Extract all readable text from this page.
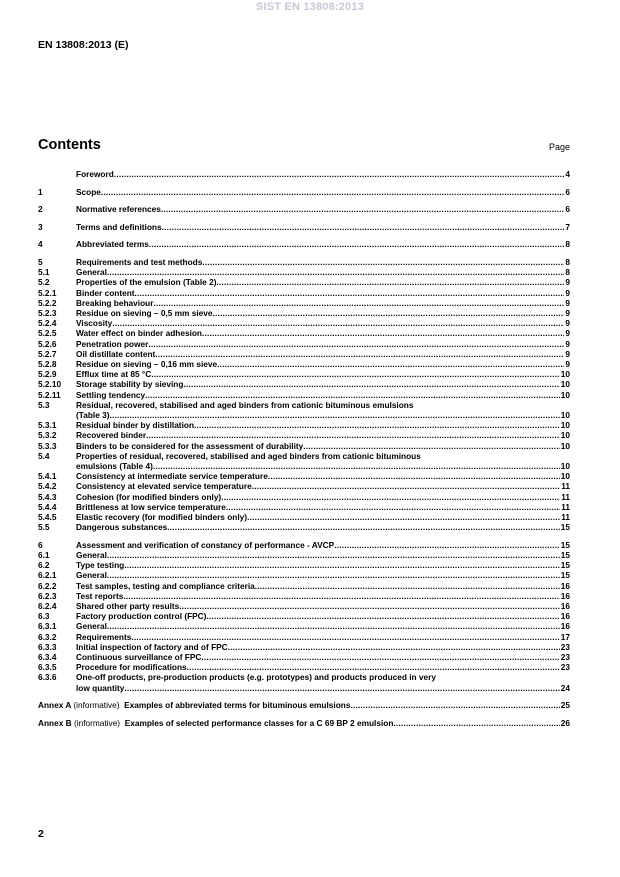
SIST EN 13808:2013
EN 13808:2013 (E)
Contents	Page
Foreword .....	4
1	Scope .....	6
2	Normative references .....	6
3	Terms and definitions .....	7
4	Abbreviated terms .....	8
5	Requirements and test methods .....	8
5.1	General .....	8
5.2	Properties of the emulsion (Table 2) .....	9
5.2.1	Binder content .....	9
5.2.2	Breaking behaviour .....	9
5.2.3	Residue on sieving – 0,5 mm sieve .....	9
5.2.4	Viscosity .....	9
5.2.5	Water effect on binder adhesion .....	9
5.2.6	Penetration power .....	9
5.2.7	Oil distillate content .....	9
5.2.8	Residue on sieving – 0,16 mm sieve .....	9
5.2.9	Efflux time at 85 °C .....	10
5.2.10	Storage stability by sieving .....	10
5.2.11	Settling tendency .....	10
5.3	Residual, recovered, stabilised and aged binders from cationic bituminous emulsions
(Table 3) .....	10
5.3.1	Residual binder by distillation .....	10
5.3.2	Recovered binder .....	10
5.3.3	Binders to be considered for the assessment of durability .....	10
5.4	Properties of residual, recovered, stabilised and aged binders from cationic bituminous
emulsions (Table 4) .....	10
5.4.1	Consistency at intermediate service temperature .....	10
5.4.2	Consistency at elevated service temperature .....	11
5.4.3	Cohesion (for modified binders only) .....	11
5.4.4	Brittleness at low service temperature .....	11
5.4.5	Elastic recovery (for modified binders only) .....	11
5.5	Dangerous substances .....	15
6	Assessment and verification of constancy of performance - AVCP .....	15
6.1	General .....	15
6.2	Type testing .....	15
6.2.1	General .....	15
6.2.2	Test samples, testing and compliance criteria .....	16
6.2.3	Test reports .....	16
6.2.4	Shared other party results .....	16
6.3	Factory production control (FPC) .....	16
6.3.1	General .....	16
6.3.2	Requirements .....	17
6.3.3	Initial inspection of factory and of FPC .....	23
6.3.4	Continuous surveillance of FPC .....	23
6.3.5	Procedure for modifications .....	23
6.3.6	One-off products, pre-production products (e.g. prototypes) and products produced in very
low quantity .....	24
Annex A (informative) Examples of abbreviated terms for bituminous emulsions .....	25
Annex B (informative) Examples of selected performance classes for a C 69 BP 2 emulsion .....	26
2
